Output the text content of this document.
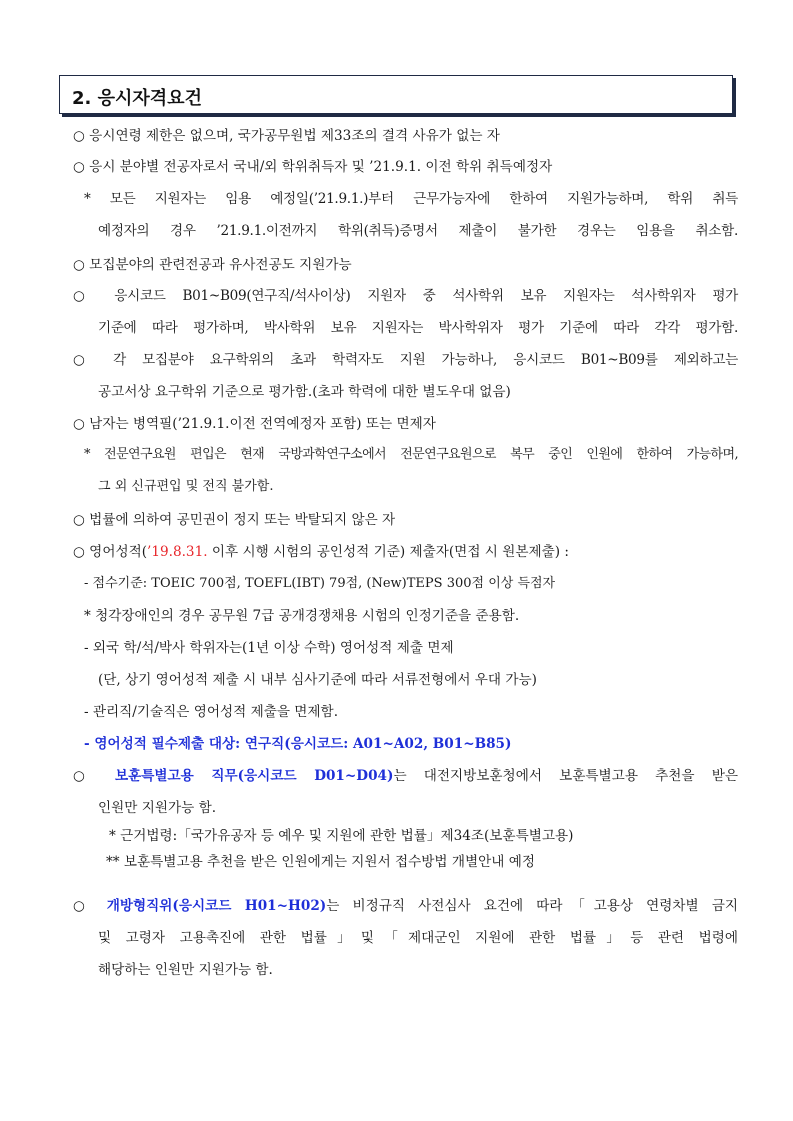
2. 응시자격요건
○ 응시연령 제한은 없으며, 국가공무원법 제33조의 결격 사유가 없는 자
○ 응시 분야별 전공자로서 국내/외 학위취득자 및 ’21.9.1. 이전 학위 취득예정자
* 모든 지원자는 임용 예정일(’21.9.1.)부터 근무가능자에 한하여 지원가능하며, 학위 취득
예정자의 경우 ’21.9.1.이전까지 학위(취득)증명서 제출이 불가한 경우는 임용을 취소함.
○ 모집분야의 관련전공과 유사전공도 지원가능
○ 응시코드 B01~B09(연구직/석사이상) 지원자 중 석사학위 보유 지원자는 석사학위자 평가
기준에 따라 평가하며, 박사학위 보유 지원자는 박사학위자 평가 기준에 따라 각각 평가함.
○ 각 모집분야 요구학위의 초과 학력자도 지원 가능하나, 응시코드 B01~B09를 제외하고는
공고서상 요구학위 기준으로 평가함.(초과 학력에 대한 별도우대 없음)
○ 남자는 병역필(’21.9.1.이전 전역예정자 포함) 또는 면제자
* 전문연구요원 편입은 현재 국방과학연구소에서 전문연구요원으로 복무 중인 인원에 한하여 가능하며,
그 외 신규편입 및 전직 불가함.
○ 법률에 의하여 공민권이 정지 또는 박탈되지 않은 자
○ 영어성적(’19.8.31. 이후 시행 시험의 공인성적 기준) 제출자(면접 시 원본제출) :
- 점수기준: TOEIC 700점, TOEFL(IBT) 79점, (New)TEPS 300점 이상 득점자
* 청각장애인의 경우 공무원 7급 공개경쟁채용 시험의 인정기준을 준용함.
- 외국 학/석/박사 학위자는(1년 이상 수학) 영어성적 제출 면제
(단, 상기 영어성적 제출 시 내부 심사기준에 따라 서류전형에서 우대 가능)
- 관리직/기술직은 영어성적 제출을 면제함.
- 영어성적 필수제출 대상: 연구직(응시코드: A01~A02, B01~B85)
○ 보훈특별고용 직무(응시코드 D01~D04)는 대전지방보훈청에서 보훈특별고용 추천을 받은
인원만 지원가능 함.
* 근거법령:「국가유공자 등 예우 및 지원에 관한 법률」제34조(보훈특별고용)
** 보훈특별고용 추천을 받은 인원에게는 지원서 접수방법 개별안내 예정
○ 개방형직위(응시코드 H01~H02)는 비정규직 사전심사 요건에 따라「고용상 연령차별 금지
및 고령자 고용촉진에 관한 법률」및「제대군인 지원에 관한 법률」등 관련 법령에
해당하는 인원만 지원가능 함.
